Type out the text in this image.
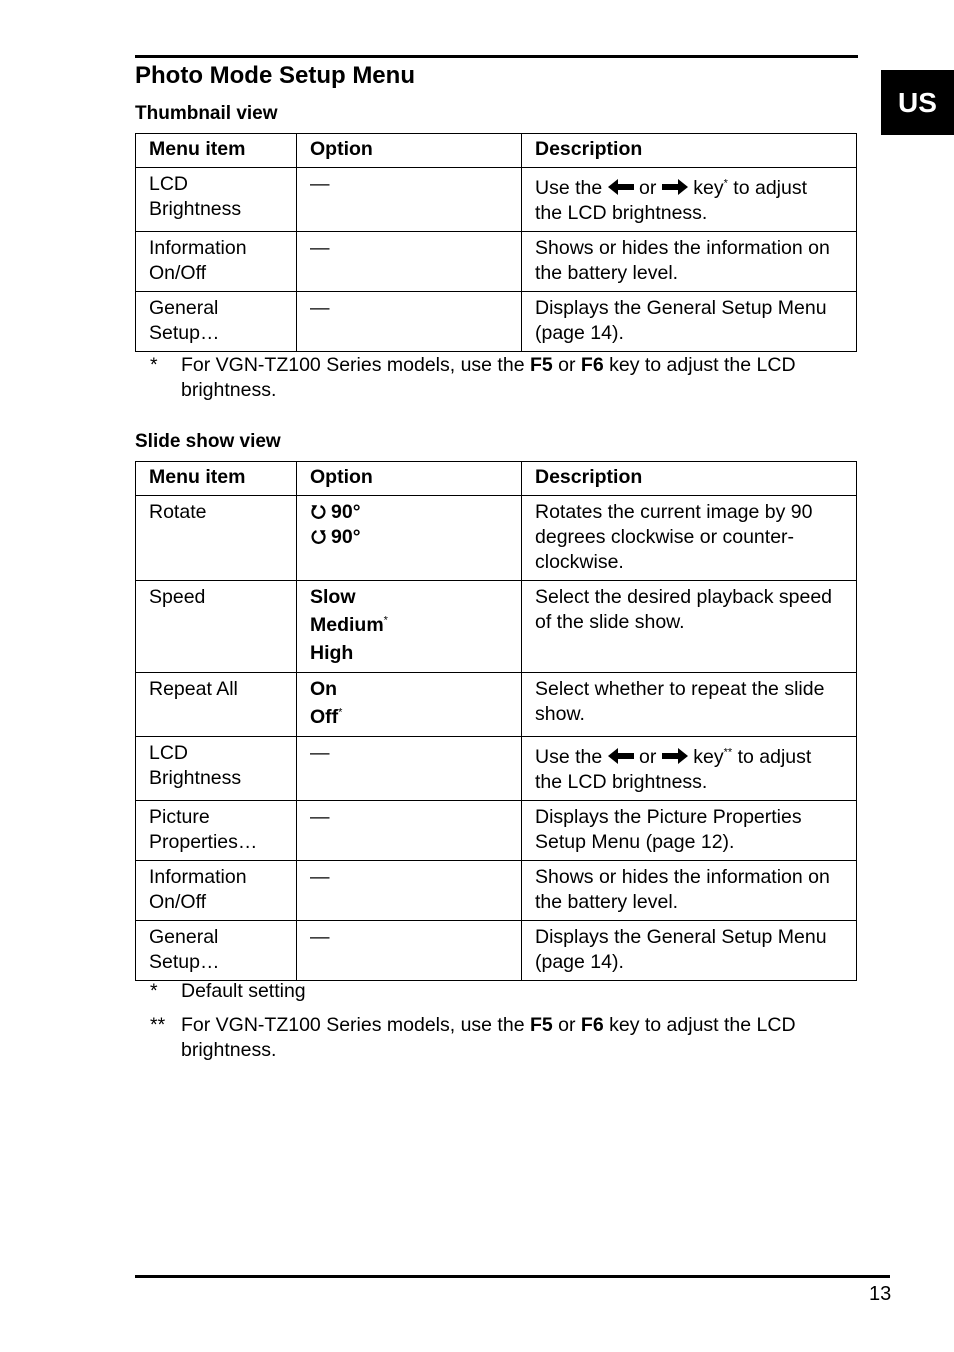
US
Photo Mode Setup Menu
Thumbnail view
Menu item	Option	Description
LCD
Brightness	—	Use the or key* to adjust
the LCD brightness.
Information
On/Off	—	Shows or hides the information on
the battery level.
General
Setup…	—	Displays the General Setup Menu
(page 14).
* For VGN-TZ100 Series models, use the F5 or F6 key to adjust the LCD
brightness.
Slide show view
Menu item	Option	Description
Rotate	90°
90°	Rotates the current image by 90
degrees clockwise or counter-
clockwise.
Speed	Slow
Medium*
High	Select the desired playback speed
of the slide show.
Repeat All	On
Off*	Select whether to repeat the slide
show.
LCD
Brightness	—	Use the or key** to adjust
the LCD brightness.
Picture
Properties…	—	Displays the Picture Properties
Setup Menu (page 12).
Information
On/Off	—	Shows or hides the information on
the battery level.
General
Setup…	—	Displays the General Setup Menu
(page 14).
* Default setting
** For VGN-TZ100 Series models, use the F5 or F6 key to adjust the LCD
brightness.
13
